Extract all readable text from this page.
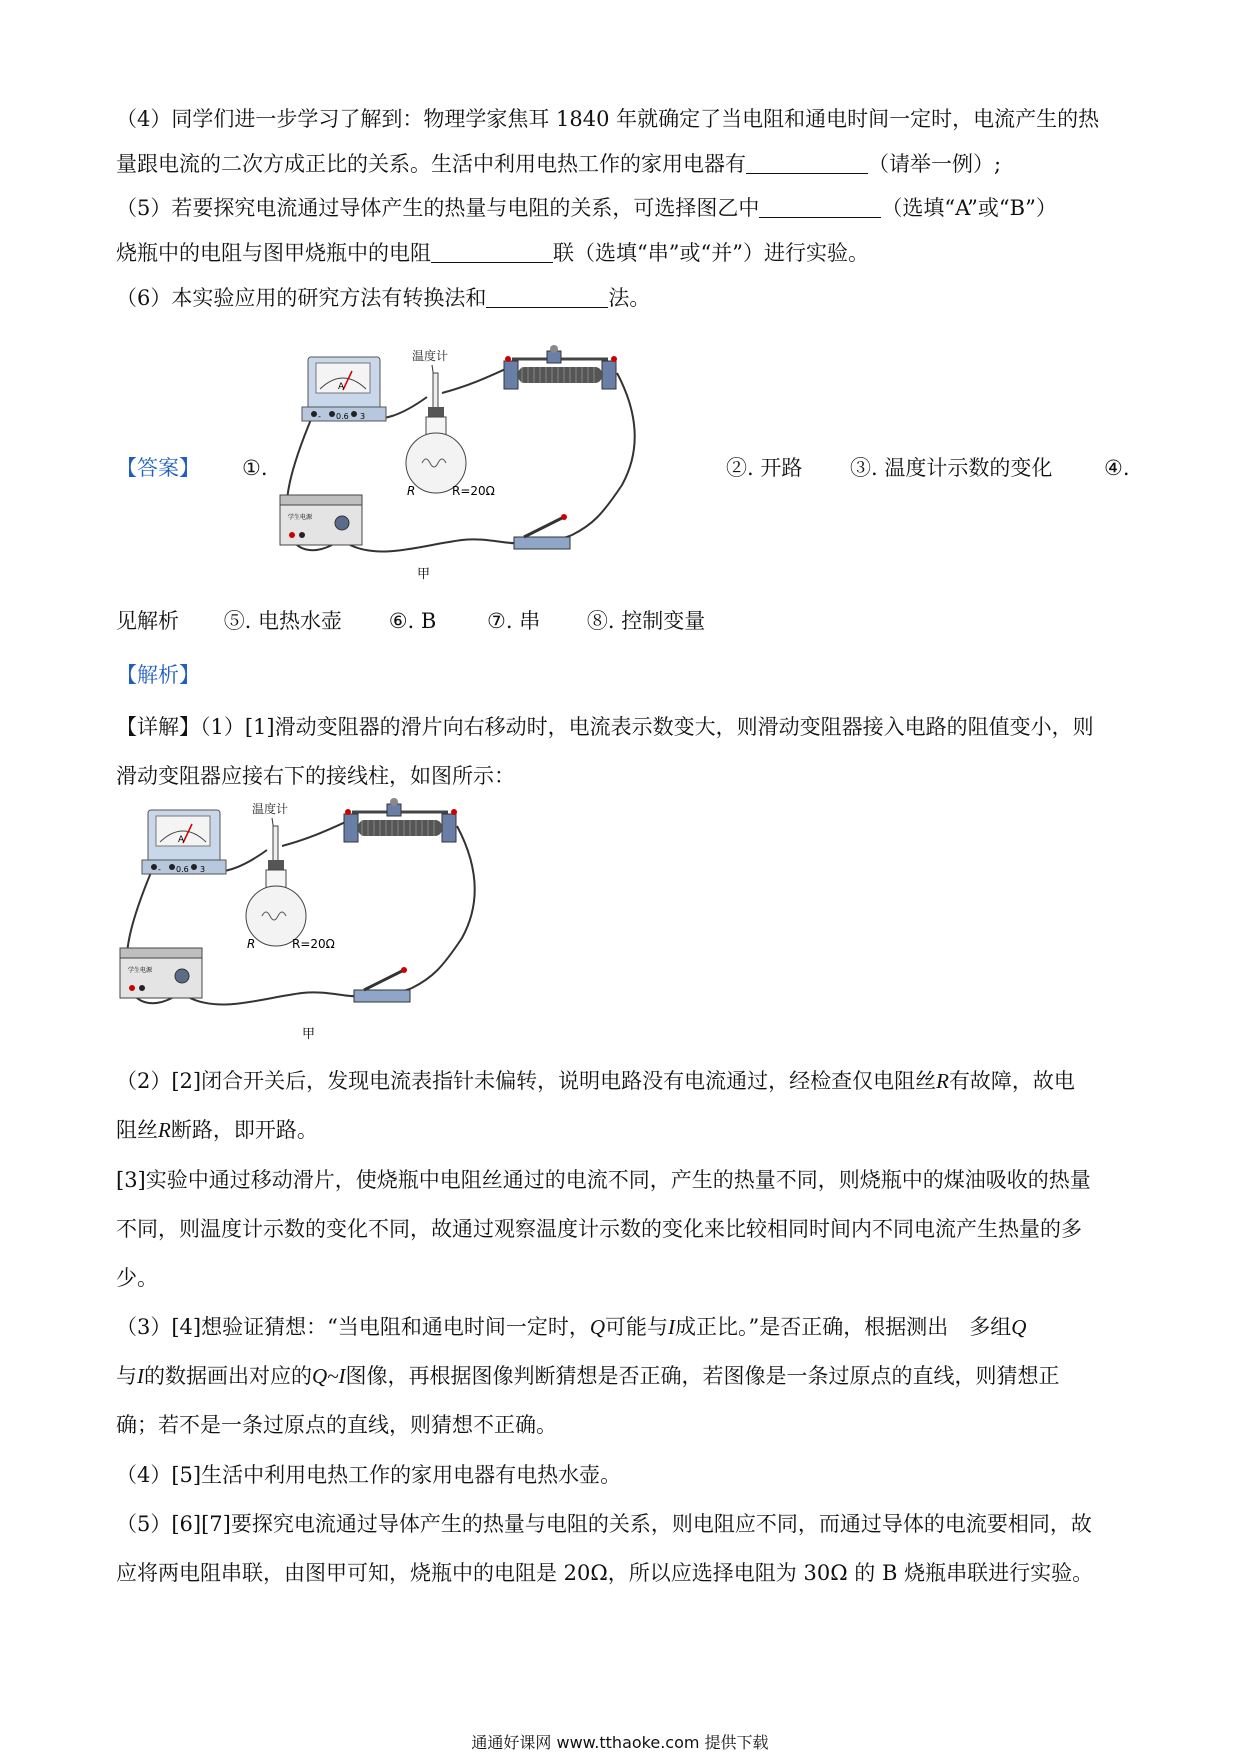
（4）同学们进一步学习了解到：物理学家焦耳 1840 年就确定了当电阻和通电时间一定时，电流产生的热
量跟电流的二次方成正比的关系。生活中利用电热工作的家用电器有	（请举一例）;
（5）若要探究电流通过导体产生的热量与电阻的关系，可选择图乙中	（选填“A”或“B”）
烧瓶中的电阻与图甲烧瓶中的电阻	联（选填“串”或“并”）进行实验。
（6）本实验应用的研究方法有转换法和	法。
【答案】 ①.	②. 开路 ③. 温度计示数的变化 ④.
A
- 0.6 3
温度计
R	R=20Ω
学生电源
甲
见解析 ⑤. 电热水壶 ⑥. B ⑦. 串 ⑧. 控制变量
【解析】
【详解】（1）[1]滑动变阻器的滑片向右移动时，电流表示数变大，则滑动变阻器接入电路的阻值变小，则
滑动变阻器应接右下的接线柱，如图所示：
A
- 0.6 3
温度计
R	R=20Ω
学生电源
甲
（2）[2]闭合开关后，发现电流表指针未偏转，说明电路没有电流通过，经检查仅电阻丝R有故障，故电
阻丝R断路，即开路。
[3]实验中通过移动滑片，使烧瓶中电阻丝通过的电流不同，产生的热量不同，则烧瓶中的煤油吸收的热量
不同，则温度计示数的变化不同，故通过观察温度计示数的变化来比较相同时间内不同电流产生热量的多
少。
（3）[4]想验证猜想：“当电阻和通电时间一定时，Q可能与I成正比。”是否正确，根据测出　多组Q
与I的数据画出对应的Q~I图像，再根据图像判断猜想是否正确，若图像是一条过原点的直线，则猜想正
确；若不是一条过原点的直线，则猜想不正确。
（4）[5]生活中利用电热工作的家用电器有电热水壶。
（5）[6][7]要探究电流通过导体产生的热量与电阻的关系，则电阻应不同，而通过导体的电流要相同，故
应将两电阻串联，由图甲可知，烧瓶中的电阻是 20Ω，所以应选择电阻为 30Ω 的 B 烧瓶串联进行实验。
通通好课网 www.tthaoke.com 提供下载
